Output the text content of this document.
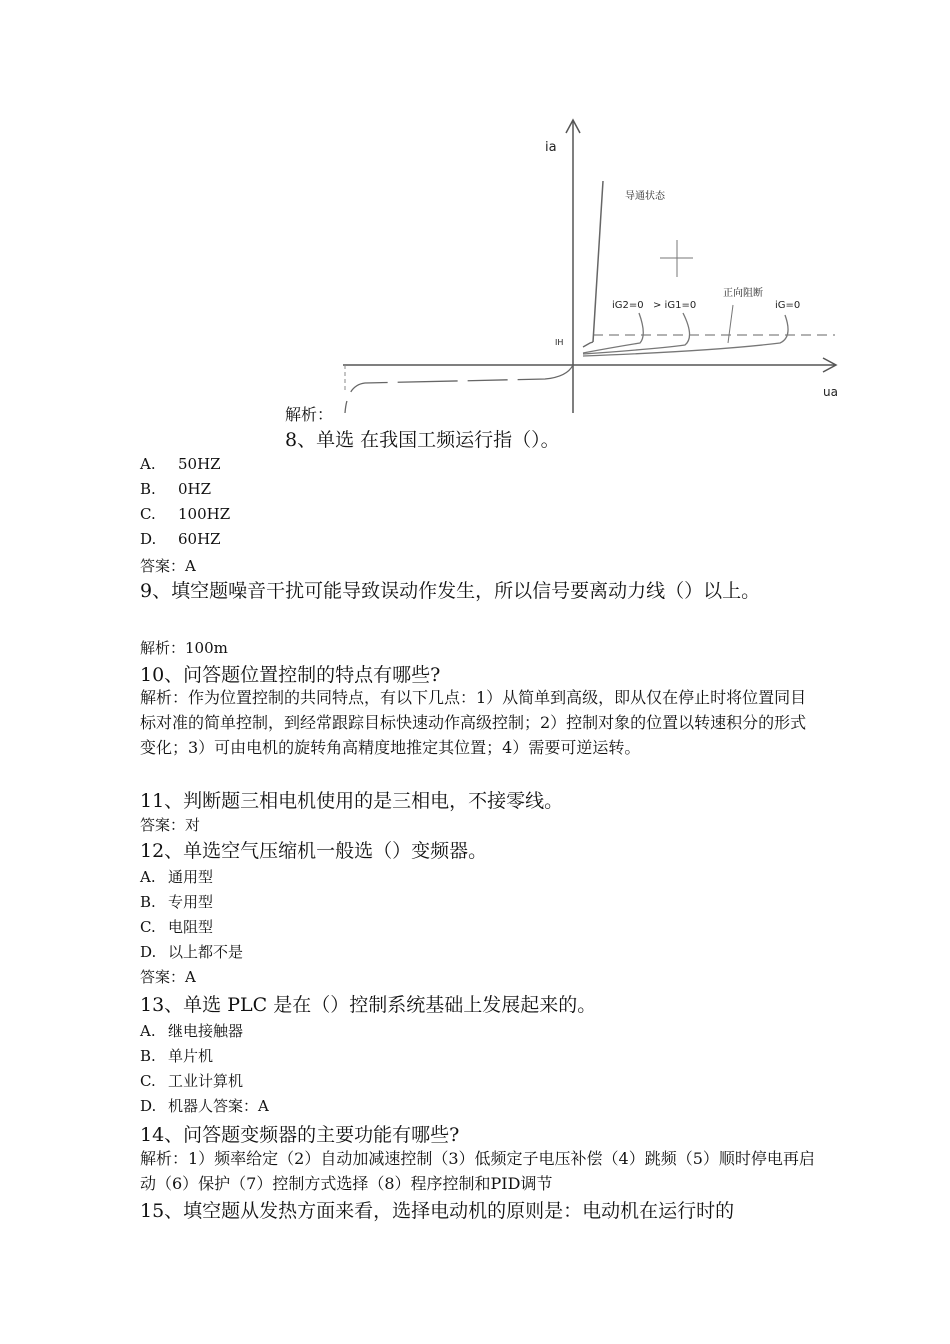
ia
ua
导通状态
正向阻断
iG2=0 > iG1=0	iG=0
IH
解析：
8、单选 在我国工频运行指（）。
A. 50HZ
B. 0HZ
C. 100HZ
D. 60HZ
答案：A
9、填空题噪音干扰可能导致误动作发生，所以信号要离动力线（）以上。
解析：100m
10、问答题位置控制的特点有哪些?
解析：作为位置控制的共同特点，有以下几点：1）从简单到高级，即从仅在停止时将位置同目标对准的简单控制，到经常跟踪目标快速动作高级控制；2）控制对象的位置以转速积分的形式变化；3）可由电机的旋转角高精度地推定其位置；4）需要可逆运转。
11、判断题三相电机使用的是三相电，不接零线。
答案：对
12、单选空气压缩机一般选（）变频器。
A. 通用型
B. 专用型
C. 电阻型
D. 以上都不是
答案：A
13、单选 PLC 是在（）控制系统基础上发展起来的。
A. 继电接触器
B. 单片机
C. 工业计算机
D. 机器人答案：A
14、问答题变频器的主要功能有哪些?
解析：1）频率给定（2）自动加减速控制（3）低频定子电压补偿（4）跳频（5）顺时停电再启动（6）保护（7）控制方式选择（8）程序控制和PID调节
15、填空题从发热方面来看，选择电动机的原则是：电动机在运行时的
